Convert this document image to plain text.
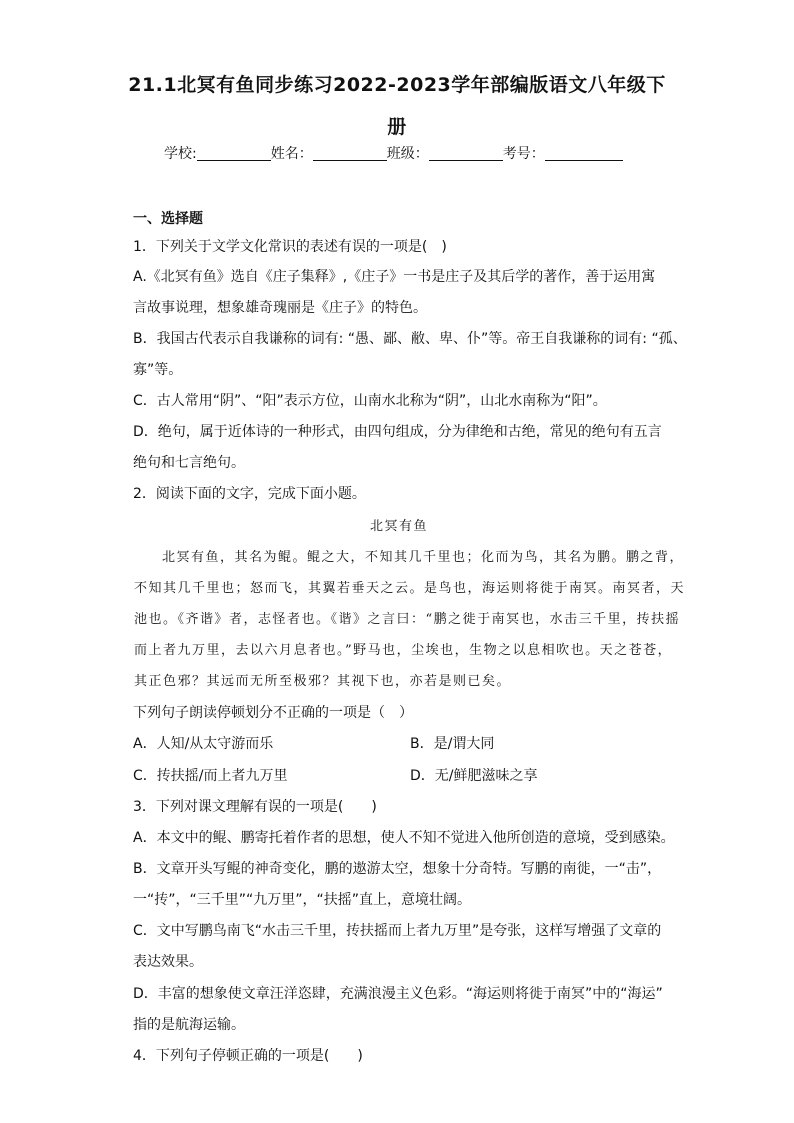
21.1北冥有鱼同步练习2022-2023学年部编版语文八年级下
册
学校:	姓名：	班级：	考号：
一、选择题
1．下列关于文学文化常识的表述有误的一项是(　)
A.《北冥有鱼》选自《庄子集释》,《庄子》一书是庄子及其后学的著作，善于运用寓
言故事说理，想象雄奇瑰丽是《庄子》的特色。
B．我国古代表示自我谦称的词有: “愚、鄙、敝、卑、仆”等。帝王自我谦称的词有: “孤、
寡”等。
C．古人常用“阴”、“阳”表示方位，山南水北称为“阴”，山北水南称为“阳”。
D．绝句，属于近体诗的一种形式，由四句组成，分为律绝和古绝，常见的绝句有五言
绝句和七言绝句。
2．阅读下面的文字，完成下面小题。
北冥有鱼
北冥有鱼，其名为鲲。鲲之大，不知其几千里也；化而为鸟，其名为鹏。鹏之背，
不知其几千里也；怒而飞，其翼若垂天之云。是鸟也，海运则将徙于南冥。南冥者，天
池也。《齐谐》者，志怪者也。《谐》之言曰：“鹏之徙于南冥也，水击三千里，抟扶摇
而上者九万里，去以六月息者也。”野马也，尘埃也，生物之以息相吹也。天之苍苍，
其正色邪？其远而无所至极邪？其视下也，亦若是则已矣。
下列句子朗读停顿划分不正确的一项是（　）
A．人知/从太守游而乐	B．是/谓大同
C．抟扶摇/而上者九万里	D．无/鲜肥滋味之享
3．下列对课文理解有误的一项是(　　)
A．本文中的鲲、鹏寄托着作者的思想，使人不知不觉进入他所创造的意境，受到感染。
B．文章开头写鲲的神奇变化，鹏的遨游太空，想象十分奇特。写鹏的南徙，一“击”，
一“抟”，“三千里”“九万里”，“扶摇”直上，意境壮阔。
C．文中写鹏鸟南飞“水击三千里，抟扶摇而上者九万里”是夸张，这样写增强了文章的
表达效果。
D．丰富的想象使文章汪洋恣肆，充满浪漫主义色彩。“海运则将徙于南冥”中的“海运”
指的是航海运输。
4．下列句子停顿正确的一项是(　　)
